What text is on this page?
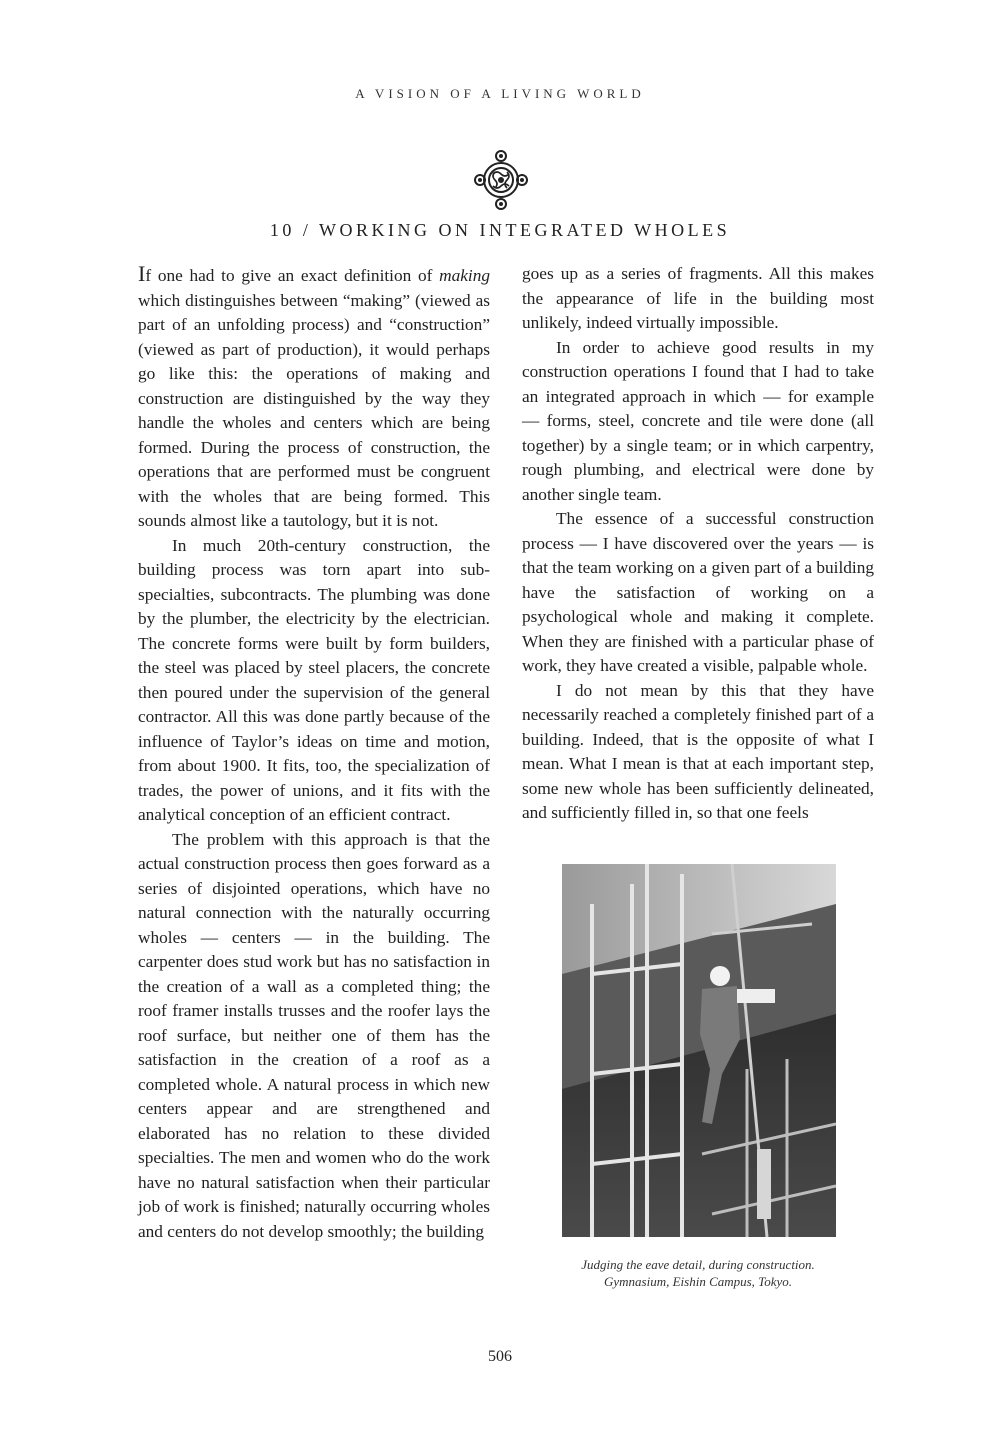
A VISION OF A LIVING WORLD
10 / WORKING ON INTEGRATED WHOLES

If one had to give an exact definition of making which distinguishes between “making” (viewed as part of an unfolding process) and “construction” (viewed as part of production), it would perhaps go like this: the operations of making and construction are distinguished by the way they handle the wholes and centers which are being formed. During the process of construction, the operations that are performed must be congruent with the wholes that are being formed. This sounds almost like a tautology, but it is not.

In much 20th-century construction, the building process was torn apart into sub-specialties, subcontracts. The plumbing was done by the plumber, the electricity by the electrician. The concrete forms were built by form builders, the steel was placed by steel placers, the concrete then poured under the supervision of the general contractor. All this was done partly because of the influence of Taylor’s ideas on time and motion, from about 1900. It fits, too, the specialization of trades, the power of unions, and it fits with the analytical conception of an efficient contract.

The problem with this approach is that the actual construction process then goes forward as a series of disjointed operations, which have no natural connection with the naturally occurring wholes — centers — in the building. The carpenter does stud work but has no satisfaction in the creation of a wall as a completed thing; the roof framer installs trusses and the roofer lays the roof surface, but neither one of them has the satisfaction in the creation of a roof as a completed whole. A natural process in which new centers appear and are strengthened and elaborated has no relation to these divided specialties. The men and women who do the work have no natural satisfaction when their particular job of work is finished; naturally occurring wholes and centers do not develop smoothly; the building

goes up as a series of fragments. All this makes the appearance of life in the building most unlikely, indeed virtually impossible.

In order to achieve good results in my construction operations I found that I had to take an integrated approach in which — for example — forms, steel, concrete and tile were done (all together) by a single team; or in which carpentry, rough plumbing, and electrical were done by another single team.

The essence of a successful construction process — I have discovered over the years — is that the team working on a given part of a building have the satisfaction of working on a psychological whole and making it complete. When they are finished with a particular phase of work, they have created a visible, palpable whole.

I do not mean by this that they have necessarily reached a completely finished part of a building. Indeed, that is the opposite of what I mean. What I mean is that at each important step, some new whole has been sufficiently delineated, and sufficiently filled in, so that one feels

Judging the eave detail, during construction.
Gymnasium, Eishin Campus, Tokyo.
506
